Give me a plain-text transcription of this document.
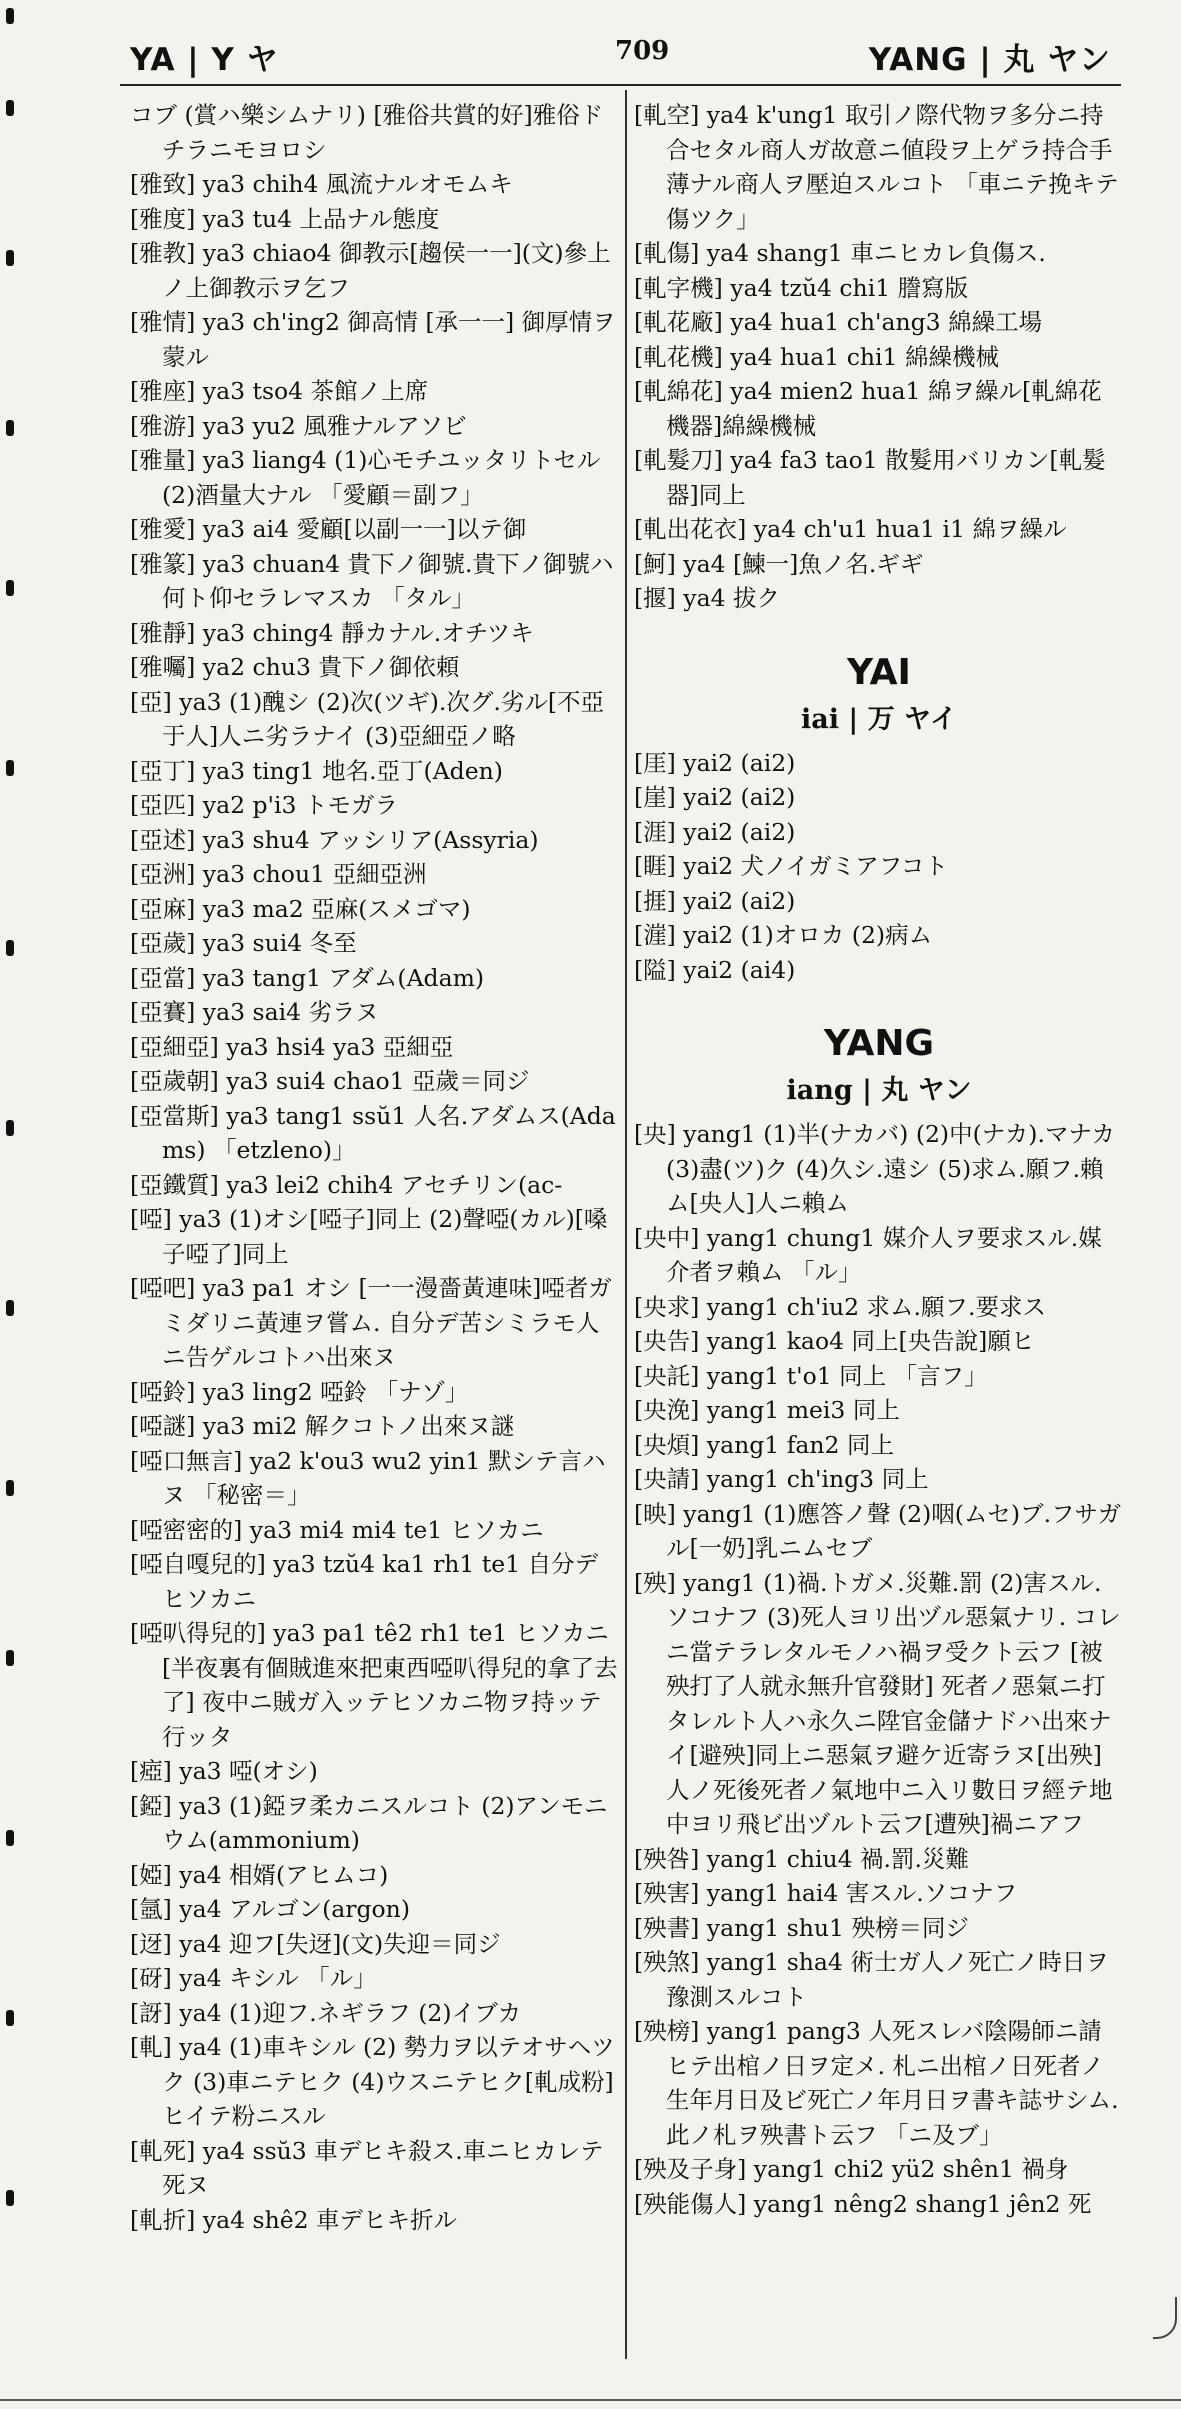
YA | Y ヤ	709	YANG | 丸 ヤン

コブ (賞ハ樂シムナリ) [雅俗共賞的好]雅俗ドチラニモヨロシ

[雅致] ya3 chih4 風流ナルオモムキ

[雅度] ya3 tu4 上品ナル態度

[雅教] ya3 chiao4 御教示[趨侯一一](文)參上ノ上御教示ヲ乞フ

[雅情] ya3 ch'ing2 御高情 [承一一] 御厚情ヲ蒙ル

[雅座] ya3 tso4 茶館ノ上席

[雅游] ya3 yu2 風雅ナルアソビ

[雅量] ya3 liang4 (1)心モチユッタリトセル (2)酒量大ナル 「愛顧＝副フ」

[雅愛] ya3 ai4 愛顧[以副一一]以テ御

[雅篆] ya3 chuan4 貴下ノ御號.貴下ノ御號ハ何ト仰セラレマスカ 「タル」

[雅靜] ya3 ching4 靜カナル.オチツキ

[雅囑] ya2 chu3 貴下ノ御依頼

[亞] ya3 (1)醜シ (2)次(ツギ).次グ.劣ル[不亞于人]人ニ劣ラナイ (3)亞細亞ノ略

[亞丁] ya3 ting1 地名.亞丁(Aden)

[亞匹] ya2 p'i3 トモガラ

[亞述] ya3 shu4 アッシリア(Assyria)

[亞洲] ya3 chou1 亞細亞洲

[亞麻] ya3 ma2 亞麻(スメゴマ)

[亞歲] ya3 sui4 冬至

[亞當] ya3 tang1 アダム(Adam)

[亞賽] ya3 sai4 劣ラヌ

[亞細亞] ya3 hsi4 ya3 亞細亞

[亞歲朝] ya3 sui4 chao1 亞歲＝同ジ

[亞當斯] ya3 tang1 ssŭ1 人名.アダムス(Adams) 「etzleno)」

[亞鐵質] ya3 lei2 chih4 アセチリン(ac-

[啞] ya3 (1)オシ[啞子]同上 (2)聲啞(カル)[嗓子啞了]同上

[啞吧] ya3 pa1 オシ [一一漫嗇黃連味]啞者ガミダリニ黃連ヲ嘗ム. 自分デ苦シミラモ人ニ告ゲルコトハ出來ヌ

[啞鈴] ya3 ling2 啞鈴 「ナゾ」

[啞謎] ya3 mi2 解クコトノ出來ヌ謎

[啞口無言] ya2 k'ou3 wu2 yin1 默シテ言ハヌ 「秘密＝」

[啞密密的] ya3 mi4 mi4 te1 ヒソカニ

[啞自嘎兒的] ya3 tzŭ4 ka1 rh1 te1 自分デヒソカニ

[啞叭得兒的] ya3 pa1 tê2 rh1 te1 ヒソカニ [半夜裏有個賊進來把東西啞叭得兒的拿了去了] 夜中ニ賊ガ入ッテヒソカニ物ヲ持ッテ行ッタ

[瘂] ya3 啞(オシ)

[錏] ya3 (1)錏ヲ柔カニスルコト (2)アンモニウム(ammonium)

[婭] ya4 相婿(アヒムコ)

[氬] ya4 アルゴン(argon)

[迓] ya4 迎フ[失迓](文)失迎＝同ジ

[砑] ya4 キシル 「ル」

[訝] ya4 (1)迎フ.ネギラフ (2)イブカ

[軋] ya4 (1)車キシル (2) 勢力ヲ以テオサヘツク (3)車ニテヒク (4)ウスニテヒク[軋成粉]ヒイテ粉ニスル

[軋死] ya4 ssŭ3 車デヒキ殺ス.車ニヒカレテ死ヌ

[軋折] ya4 shê2 車デヒキ折ル

[軋空] ya4 k'ung1 取引ノ際代物ヲ多分ニ持合セタル商人ガ故意ニ値段ヲ上ゲラ持合手薄ナル商人ヲ壓迫スルコト 「車ニテ挽キテ傷ツク」

[軋傷] ya4 shang1 車ニヒカレ負傷ス.

[軋字機] ya4 tzŭ4 chi1 謄寫版

[軋花廠] ya4 hua1 ch'ang3 綿繰工場

[軋花機] ya4 hua1 chi1 綿繰機械

[軋綿花] ya4 mien2 hua1 綿ヲ繰ル[軋綿花機器]綿繰機械

[軋髮刀] ya4 fa3 tao1 散髮用バリカン[軋髮器]同上

[軋出花衣] ya4 ch'u1 hua1 i1 綿ヲ繰ル

[魺] ya4 [鰊一]魚ノ名.ギギ

[揠] ya4 拔ク

YAI
iai | 万 ヤイ

[厓] yai2 (ai2)

[崖] yai2 (ai2)

[涯] yai2 (ai2)

[睚] yai2 犬ノイガミアフコト

[捱] yai2 (ai2)

[漄] yai2 (1)オロカ (2)病ム

[隘] yai2 (ai4)

YANG
iang | 丸 ヤン

[央] yang1 (1)半(ナカバ) (2)中(ナカ).マナカ (3)盡(ツ)ク (4)久シ.遠シ (5)求ム.願フ.賴ム[央人]人ニ賴ム

[央中] yang1 chung1 媒介人ヲ要求スル.媒介者ヲ賴ム 「ル」

[央求] yang1 ch'iu2 求ム.願フ.要求ス

[央告] yang1 kao4 同上[央告說]願ヒ

[央託] yang1 t'o1 同上 「言フ」

[央浼] yang1 mei3 同上

[央煩] yang1 fan2 同上

[央請] yang1 ch'ing3 同上

[映] yang1 (1)應答ノ聲 (2)咽(ムセ)ブ.フサガル[一奶]乳ニムセブ

[殃] yang1 (1)禍.トガメ.災難.罰 (2)害スル.ソコナフ (3)死人ヨリ出ヅル惡氣ナリ. コレニ當テラレタルモノハ禍ヲ受クト云フ [被殃打了人就永無升官發財] 死者ノ惡氣ニ打タレルト人ハ永久ニ陞官金儲ナドハ出來ナイ[避殃]同上ニ惡氣ヲ避ケ近寄ラヌ[出殃]人ノ死後死者ノ氣地中ニ入リ數日ヲ經テ地中ヨリ飛ビ出ヅルト云フ[遭殃]禍ニアフ

[殃咎] yang1 chiu4 禍.罰.災難

[殃害] yang1 hai4 害スル.ソコナフ

[殃書] yang1 shu1 殃榜＝同ジ

[殃煞] yang1 sha4 術士ガ人ノ死亡ノ時日ヲ豫測スルコト

[殃榜] yang1 pang3 人死スレバ陰陽師ニ請ヒテ出棺ノ日ヲ定メ. 札ニ出棺ノ日死者ノ生年月日及ビ死亡ノ年月日ヲ書キ誌サシム. 此ノ札ヲ殃書ト云フ 「ニ及ブ」

[殃及子身] yang1 chi2 yü2 shên1 禍身

[殃能傷人] yang1 nêng2 shang1 jên2 死
